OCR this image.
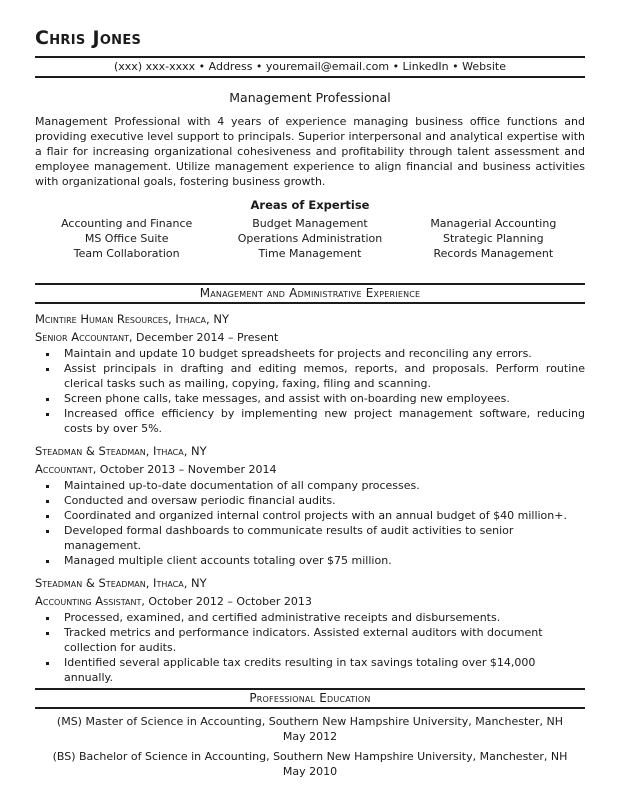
Chris Jones
(xxx) xxx-xxxx • Address • youremail@email.com • LinkedIn • Website
Management Professional
Management Professional with 4 years of experience managing business office functions and providing executive level support to principals. Superior interpersonal and analytical expertise with a flair for increasing organizational cohesiveness and profitability through talent assessment and employee management. Utilize management experience to align financial and business activities with organizational goals, fostering business growth.
Areas of Expertise
Accounting and Finance	Budget Management	Managerial Accounting
MS Office Suite	Operations Administration	Strategic Planning
Team Collaboration	Time Management	Records Management
Management and Administrative Experience
Mcintire Human Resources, Ithaca, NY
Senior Accountant, December 2014 – Present
▪ Maintain and update 10 budget spreadsheets for projects and reconciling any errors.
▪ Assist principals in drafting and editing memos, reports, and proposals. Perform routine clerical tasks such as mailing, copying, faxing, filing and scanning.
▪ Screen phone calls, take messages, and assist with on-boarding new employees.
▪ Increased office efficiency by implementing new project management software, reducing costs by over 5%.
Steadman & Steadman, Ithaca, NY
Accountant, October 2013 – November 2014
▪ Maintained up-to-date documentation of all company processes.
▪ Conducted and oversaw periodic financial audits.
▪ Coordinated and organized internal control projects with an annual budget of $40 million+.
▪ Developed formal dashboards to communicate results of audit activities to senior management.
▪ Managed multiple client accounts totaling over $75 million.
Steadman & Steadman, Ithaca, NY
Accounting Assistant, October 2012 – October 2013
▪ Processed, examined, and certified administrative receipts and disbursements.
▪ Tracked metrics and performance indicators. Assisted external auditors with document collection for audits.
▪ Identified several applicable tax credits resulting in tax savings totaling over $14,000 annually.
Professional Education
(MS) Master of Science in Accounting, Southern New Hampshire University, Manchester, NH
May 2012
(BS) Bachelor of Science in Accounting, Southern New Hampshire University, Manchester, NH
May 2010
